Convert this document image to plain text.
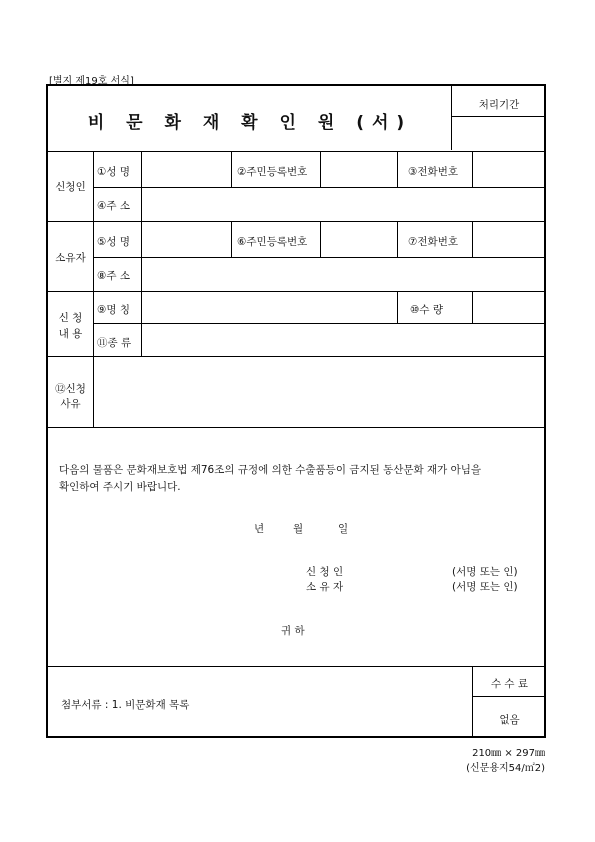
[별지 제19호 서식]
비 문 화 재 확 인 원 (서)
처리기간
신청인
①성 명	②주민등록번호	③전화번호
④주 소
소유자
⑤성 명	⑥주민등록번호	⑦전화번호
⑧주 소
신 청
내 용
⑨명 칭	⑩수 량
⑪종 류
⑫신청
사유
다음의 물품은 문화재보호법 제76조의 규정에 의한 수출품등이 금지된 동산문화 재가 아님을
확인하여 주시기 바랍니다.
년	월	일
신 청 인	(서명 또는 인)
소 유 자	(서명 또는 인)
귀 하
첨부서류 : 1. 비문화재 목록
수 수 료
없음
210㎜ × 297㎜
(신문용지54/㎡2)
